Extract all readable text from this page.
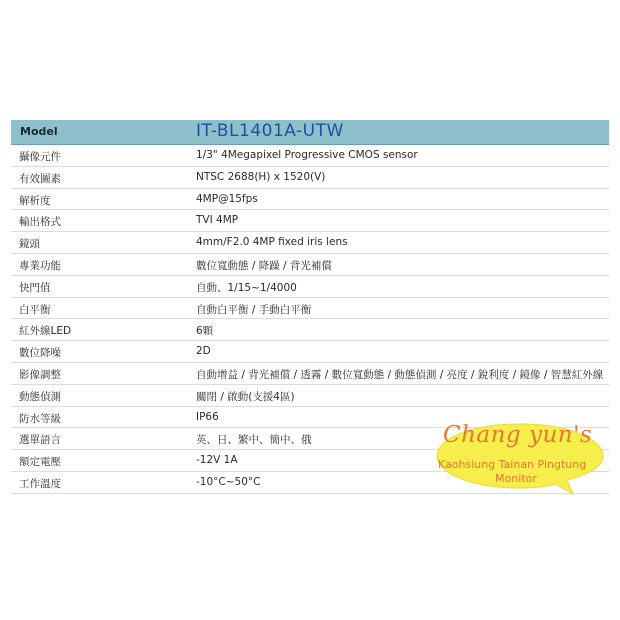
Model	IT-BL1401A-UTW
攝像元件	1/3" 4Megapixel Progressive CMOS sensor
有效圖素	NTSC 2688(H) x 1520(V)
解析度	4MP@15fps
輸出格式	TVI 4MP
鏡頭	4mm/F2.0 4MP fixed iris lens
專業功能	數位寬動態 / 降躁 / 背光補償
快門值	自動、1/15~1/4000
白平衡	自動白平衡 / 手動白平衡
紅外線LED	6顆
數位降噪	2D
影像調整	自動增益 / 背光補償 / 透霧 / 數位寬動態 / 動態偵測 / 亮度 / 銳利度 / 鏡像 / 智慧紅外線
動態偵測	關閉 / 啟動(支援4區)
防水等級	IP66
選單語言	英、日、繁中、簡中、俄
額定電壓	-12V 1A
工作溫度	-10°C~50°C
Chang yun's
Kaohsiung Tainan Pingtung
Monitor
